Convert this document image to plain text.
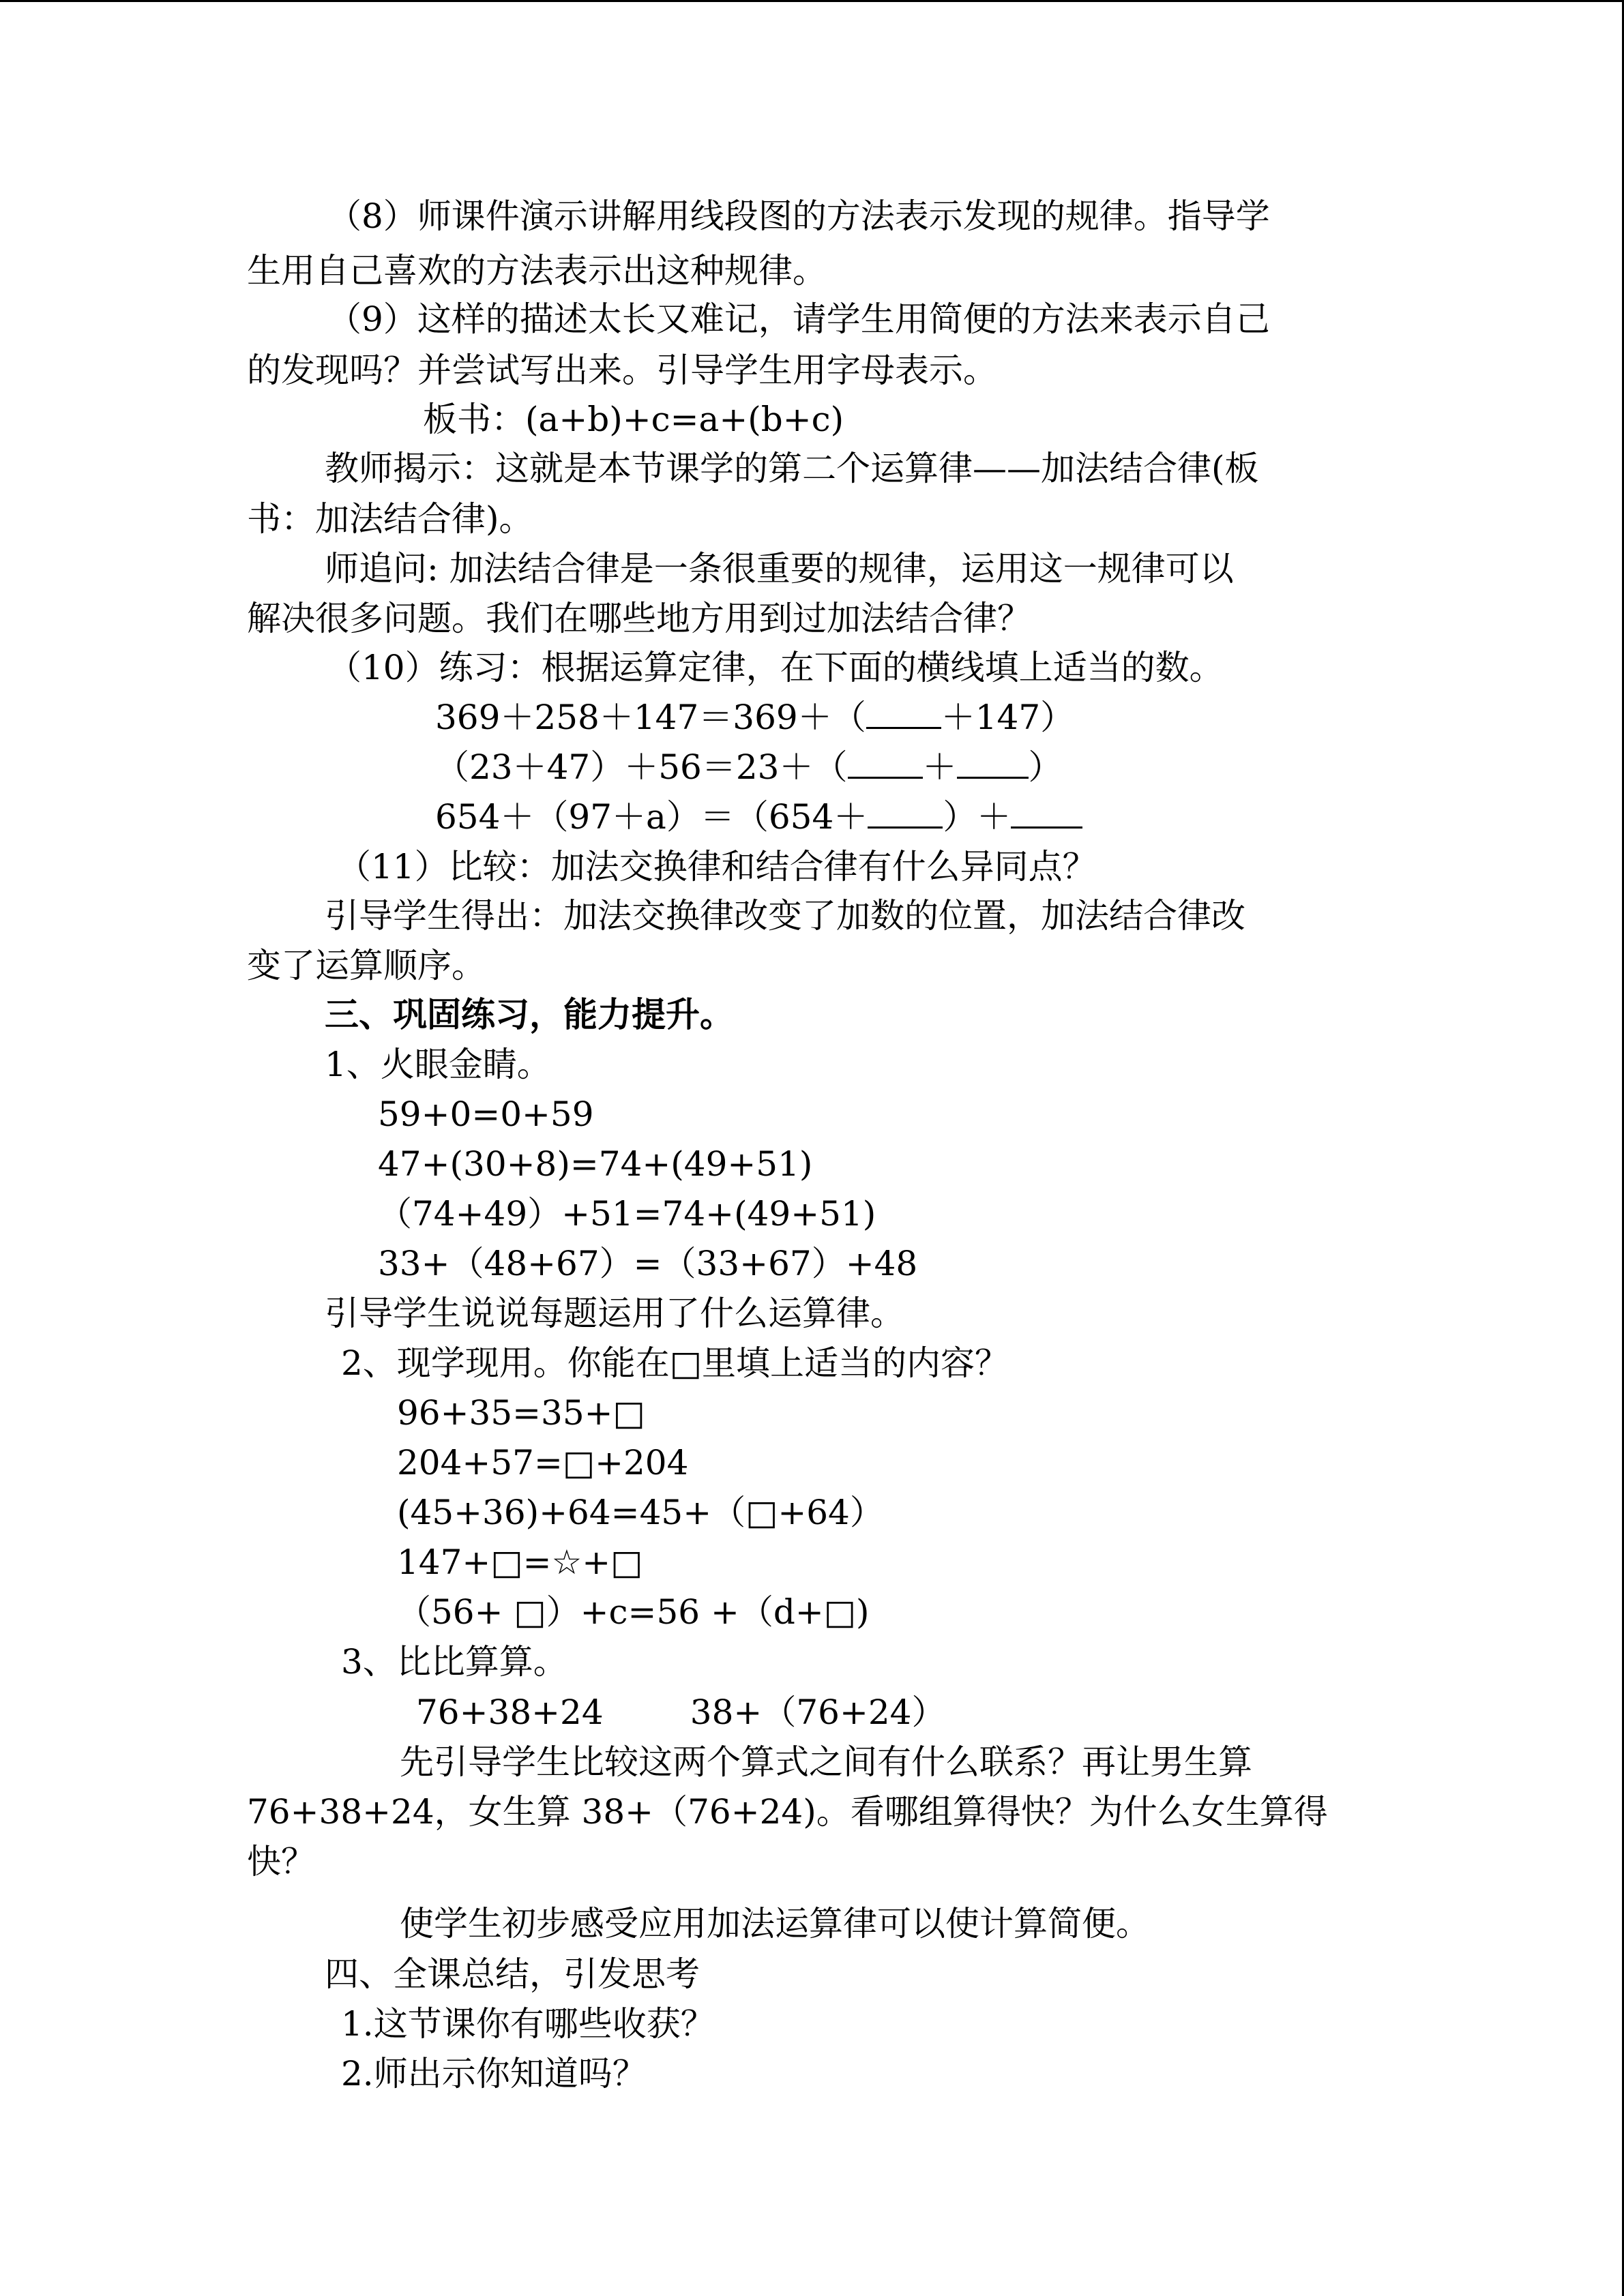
（8）师课件演示讲解用线段图的方法表示发现的规律。指导学
生用自己喜欢的方法表示出这种规律。
（9）这样的描述太长又难记，请学生用简便的方法来表示自己
的发现吗？并尝试写出来。引导学生用字母表示。
板书：(a+b)+c=a+(b+c)
教师揭示：这就是本节课学的第二个运算律——加法结合律(板
书：加法结合律)。
师追问: 加法结合律是一条很重要的规律，运用这一规律可以
解决很多问题。我们在哪些地方用到过加法结合律？
（10）练习：根据运算定律，在下面的横线填上适当的数。
369＋258＋147＝369＋（ ＋147）
（23＋47）＋56＝23＋（ ＋ ）
654＋（97＋a）＝（654＋ ）＋
（11）比较：加法交换律和结合律有什么异同点？
引导学生得出：加法交换律改变了加数的位置，加法结合律改
变了运算顺序。
三、巩固练习，能力提升。
1、火眼金睛。
59+0=0+59
47+(30+8)=74+(49+51)
（74+49）+51=74+(49+51)
33+（48+67）=（33+67）+48
引导学生说说每题运用了什么运算律。
2、现学现用。你能在□里填上适当的内容？
96+35=35+□
204+57=□+204
(45+36)+64=45+（□+64）
147+□=☆+□
（56+ □）+c=56 +（d+□)
3、比比算算。
76+38+24        38+（76+24）
先引导学生比较这两个算式之间有什么联系？再让男生算
76+38+24，女生算 38+（76+24)。看哪组算得快？为什么女生算得
快？
使学生初步感受应用加法运算律可以使计算简便。
四、全课总结，引发思考
1.这节课你有哪些收获？
2.师出示你知道吗？
